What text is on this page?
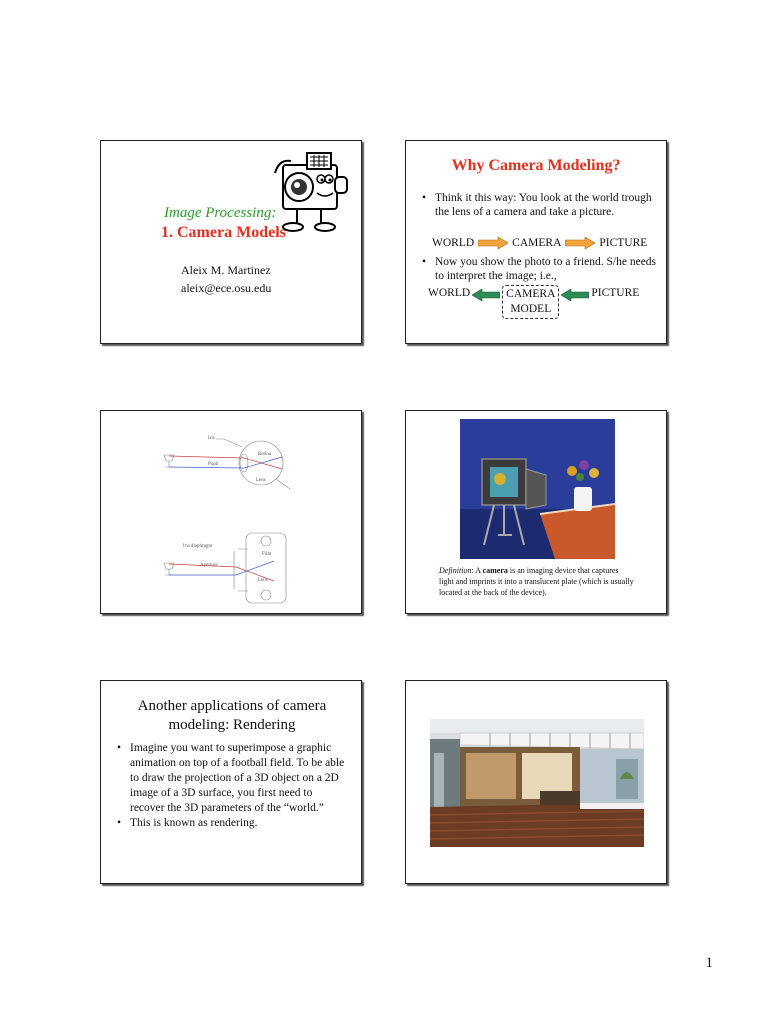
Image Processing:
1. Camera Models
Aleix M. Martinez
aleix@ece.osu.edu
Why Camera Modeling?
• Think it this way: You look at the world trough the lens of a camera and take a picture.
WORLD	CAMERA	PICTURE
• Now you show the photo to a friend. S/he needs to interpret the image; i.e.,
WORLD	CAMERA
MODEL
PICTURE
Iris
Retina
Pupil
Lens
Iris diaphragm
Film
Aperture
Lens
Definition: A camera is an imaging device that captures light and imprints it into a translucent plate (which is usually located at the back of the device).
Another applications of camera modeling: Rendering
• Imagine you want to superimpose a graphic animation on top of a football field. To be able to draw the projection of a 3D object on a 2D image of a 3D surface, you first need to recover the 3D parameters of the “world.”
• This is known as rendering.
1
